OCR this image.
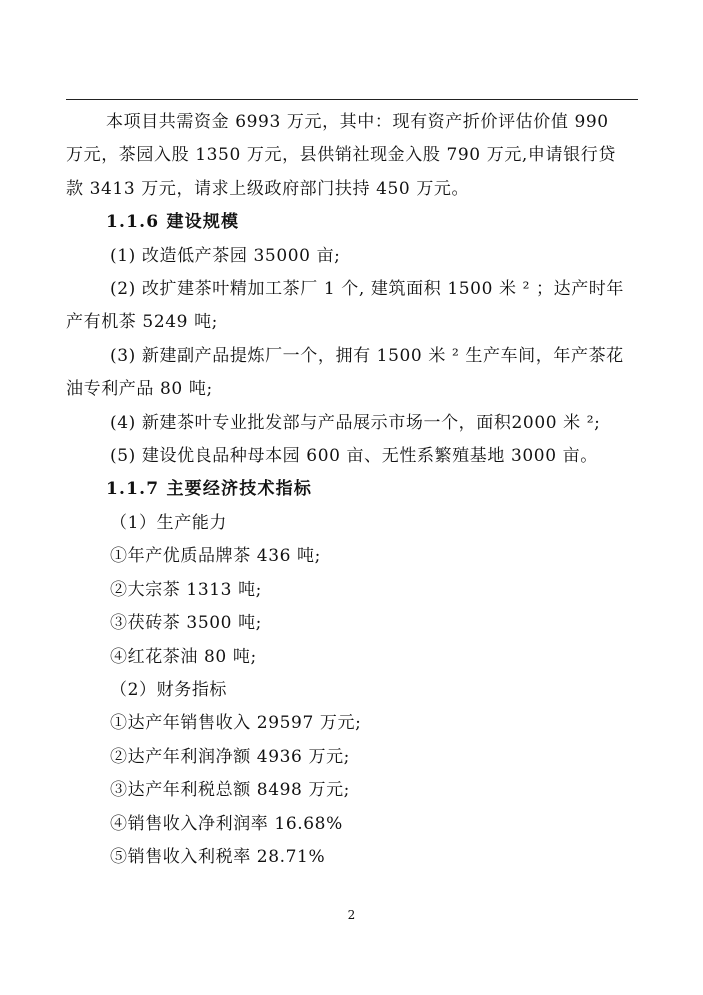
本项目共需资金 6993 万元，其中：现有资产折价评估价值 990

万元，茶园入股 1350 万元，县供销社现金入股 790 万元,申请银行贷

款 3413 万元，请求上级政府部门扶持 450 万元。

1.1.6 建设规模

(1) 改造低产茶园 35000 亩;

(2) 改扩建茶叶精加工茶厂 1 个, 建筑面积 1500 米 ² ；达产时年

产有机茶 5249 吨;

(3) 新建副产品提炼厂一个，拥有 1500 米 ² 生产车间，年产茶花

油专利产品 80 吨;

(4) 新建茶叶专业批发部与产品展示市场一个，面积2000 米 ²;

(5) 建设优良品种母本园 600 亩、无性系繁殖基地 3000 亩。

1.1.7 主要经济技术指标

（1）生产能力

①年产优质品牌茶 436 吨;

②大宗茶 1313 吨;

③茯砖茶 3500 吨;

④红花茶油 80 吨;

（2）财务指标

①达产年销售收入 29597 万元;

②达产年利润净额 4936 万元;

③达产年利税总额 8498 万元;

④销售收入净利润率 16.68%

⑤销售收入利税率 28.71%

2
